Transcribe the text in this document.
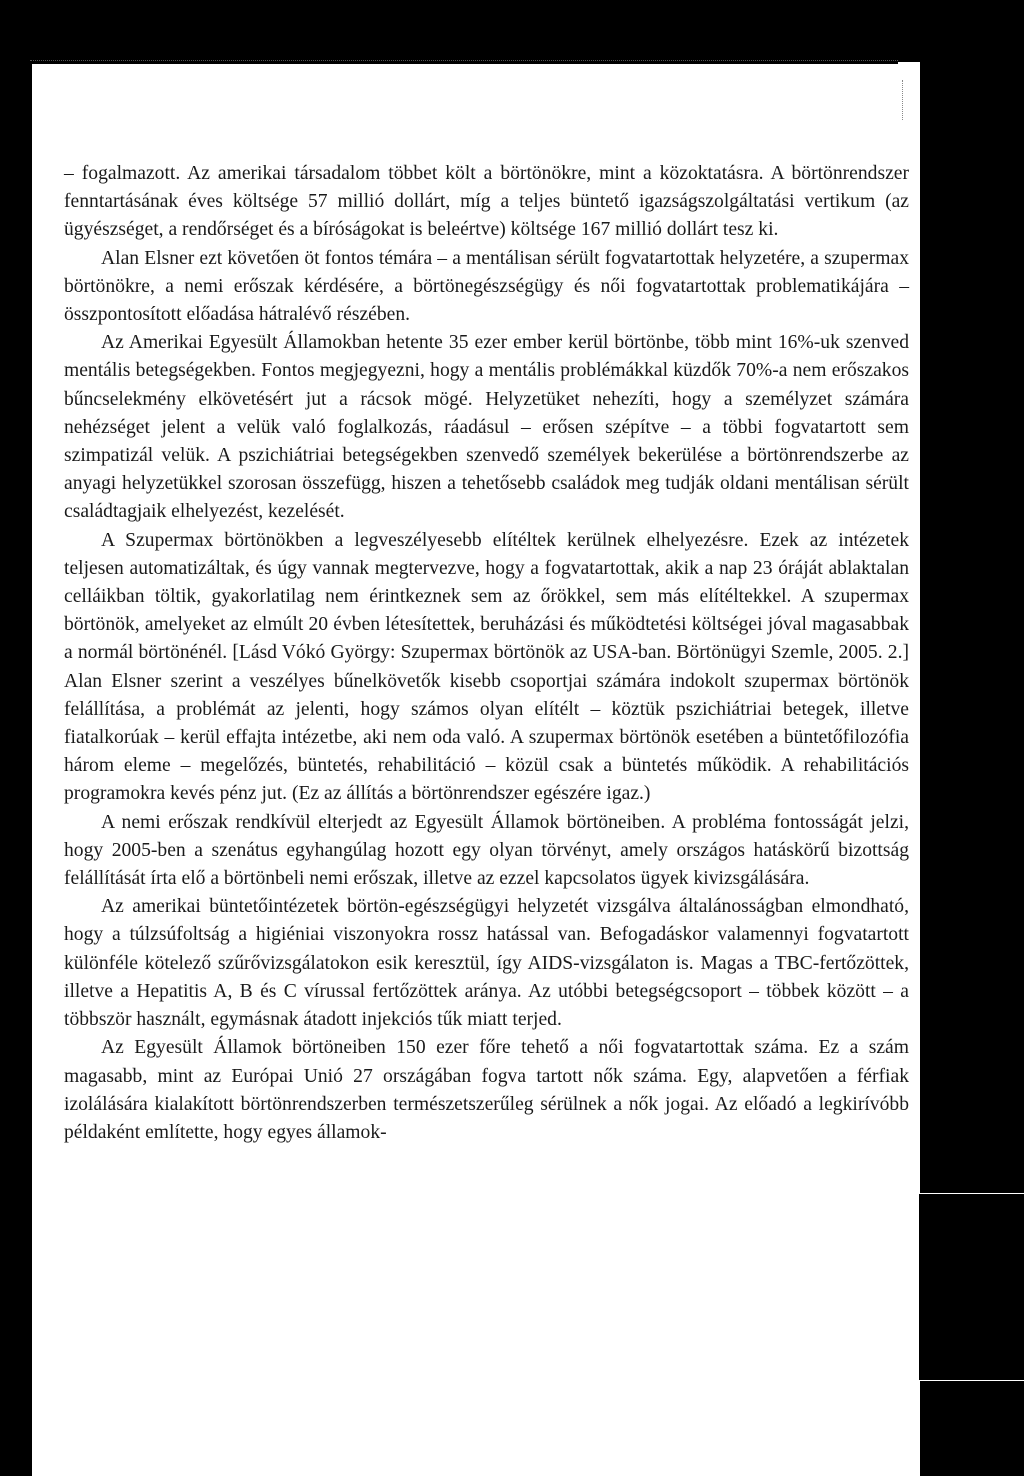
– fogalmazott. Az amerikai társadalom többet költ a börtönökre, mint a közoktatásra. A börtönrendszer fenntartásának éves költsége 57 millió dollárt, míg a teljes büntető igazságszolgáltatási vertikum (az ügyészséget, a rendőrséget és a bíróságokat is beleértve) költsége 167 millió dollárt tesz ki.

Alan Elsner ezt követően öt fontos témára – a mentálisan sérült fogvatartottak helyzetére, a szupermax börtönökre, a nemi erőszak kérdésére, a börtönegészségügy és női fogvatartottak problematikájára – összpontosított előadása hátralévő részében.

Az Amerikai Egyesült Államokban hetente 35 ezer ember kerül börtönbe, több mint 16%-uk szenved mentális betegségekben. Fontos megjegyezni, hogy a mentális problémákkal küzdők 70%-a nem erőszakos bűncselekmény elkövetésért jut a rácsok mögé. Helyzetüket nehezíti, hogy a személyzet számára nehézséget jelent a velük való foglalkozás, ráadásul – erősen szépítve – a többi fogvatartott sem szimpatizál velük. A pszichiátriai betegségekben szenvedő személyek bekerülése a börtönrendszerbe az anyagi helyzetükkel szorosan összefügg, hiszen a tehetősebb családok meg tudják oldani mentálisan sérült családtagjaik elhelyezést, kezelését.

A Szupermax börtönökben a legveszélyesebb elítéltek kerülnek elhelyezésre. Ezek az intézetek teljesen automatizáltak, és úgy vannak megtervezve, hogy a fogvatartottak, akik a nap 23 óráját ablaktalan celláikban töltik, gyakorlatilag nem érintkeznek sem az őrökkel, sem más elítéltekkel. A szupermax börtönök, amelyeket az elmúlt 20 évben létesítettek, beruházási és működtetési költségei jóval magasabbak a normál börtönénél. [Lásd Vókó György: Szupermax börtönök az USA-ban. Börtönügyi Szemle, 2005. 2.] Alan Elsner szerint a veszélyes bűnelkövetők kisebb csoportjai számára indokolt szupermax börtönök felállítása, a problémát az jelenti, hogy számos olyan elítélt – köztük pszichiátriai betegek, illetve fiatalkorúak – kerül effajta intézetbe, aki nem oda való. A szupermax börtönök esetében a büntetőfilozófia három eleme – megelőzés, büntetés, rehabilitáció – közül csak a büntetés működik. A rehabilitációs programokra kevés pénz jut. (Ez az állítás a börtönrendszer egészére igaz.)

A nemi erőszak rendkívül elterjedt az Egyesült Államok börtöneiben. A probléma fontosságát jelzi, hogy 2005-ben a szenátus egyhangúlag hozott egy olyan törvényt, amely országos hatáskörű bizottság felállítását írta elő a börtönbeli nemi erőszak, illetve az ezzel kapcsolatos ügyek kivizsgálására.

Az amerikai büntetőintézetek börtön-egészségügyi helyzetét vizsgálva általánosságban elmondható, hogy a túlzsúfoltság a higiéniai viszonyokra rossz hatással van. Befogadáskor valamennyi fogvatartott különféle kötelező szűrővizsgálatokon esik keresztül, így AIDS-vizsgálaton is. Magas a TBC-fertőzöttek, illetve a Hepatitis A, B és C vírussal fertőzöttek aránya. Az utóbbi betegségcsoport – többek között – a többször használt, egymásnak átadott injekciós tűk miatt terjed.

Az Egyesült Államok börtöneiben 150 ezer főre tehető a női fogvatartottak száma. Ez a szám magasabb, mint az Európai Unió 27 országában fogva tartott nők száma. Egy, alapvetően a férfiak izolálására kialakított börtönrendszerben természetszerűleg sérülnek a nők jogai. Az előadó a legkirívóbb példaként említette, hogy egyes államok-
